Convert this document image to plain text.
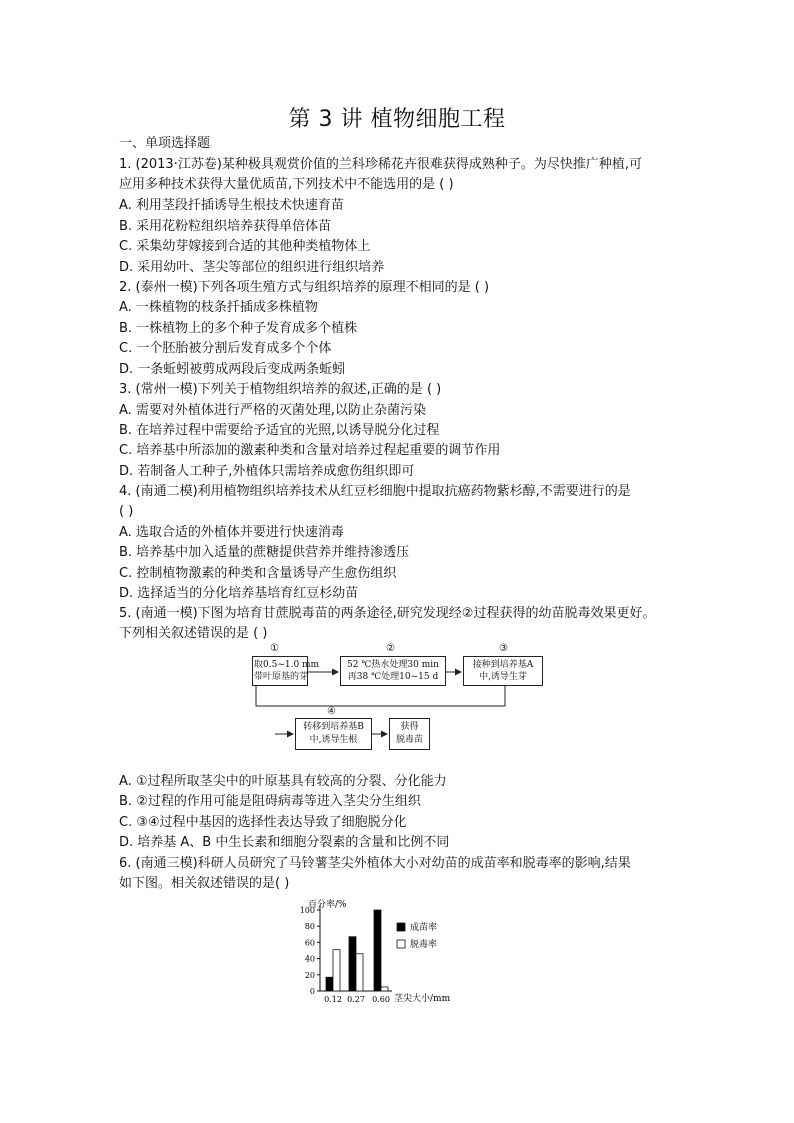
第 3 讲 植物细胞工程
一、单项选择题
1. (2013·江苏卷)某种极具观赏价值的兰科珍稀花卉很难获得成熟种子。为尽快推广种植,可
应用多种技术获得大量优质苗,下列技术中不能选用的是 ( )
A. 利用茎段扦插诱导生根技术快速育苗
B. 采用花粉粒组织培养获得单倍体苗
C. 采集幼芽嫁接到合适的其他种类植物体上
D. 采用幼叶、茎尖等部位的组织进行组织培养
2. (泰州一模)下列各项生殖方式与组织培养的原理不相同的是 ( )
A. 一株植物的枝条扦插成多株植物
B. 一株植物上的多个种子发育成多个植株
C. 一个胚胎被分割后发育成多个个体
D. 一条蚯蚓被剪成两段后变成两条蚯蚓
3. (常州一模)下列关于植物组织培养的叙述,正确的是 ( )
A. 需要对外植体进行严格的灭菌处理,以防止杂菌污染
B. 在培养过程中需要给予适宜的光照,以诱导脱分化过程
C. 培养基中所添加的激素种类和含量对培养过程起重要的调节作用
D. 若制备人工种子,外植体只需培养成愈伤组织即可
4. (南通二模)利用植物组织培养技术从红豆杉细胞中提取抗癌药物紫杉醇,不需要进行的是
( )
A. 选取合适的外植体并要进行快速消毒
B. 培养基中加入适量的蔗糖提供营养并维持渗透压
C. 控制植物激素的种类和含量诱导产生愈伤组织
D. 选择适当的分化培养基培育红豆杉幼苗
5. (南通一模)下图为培育甘蔗脱毒苗的两条途径,研究发现经②过程获得的幼苗脱毒效果更好。
下列相关叙述错误的是 ( )
①	②	③
④
取0.5~1.0 mm
带叶原基的芽
52 ℃热水处理30 min
再38 ℃处理10~15 d
接种到培养基A
中,诱导生芽
转移到培养基B
中,诱导生根
获得
脱毒苗
A. ①过程所取茎尖中的叶原基具有较高的分裂、分化能力
B. ②过程的作用可能是阻碍病毒等进入茎尖分生组织
C. ③④过程中基因的选择性表达导致了细胞脱分化
D. 培养基 A、B 中生长素和细胞分裂素的含量和比例不同
6. (南通三模)科研人员研究了马铃薯茎尖外植体大小对幼苗的成苗率和脱毒率的影响,结果
如下图。相关叙述错误的是( )
百分率/%
茎尖大小/mm
0
20
40
60
80
100
0.12 0.27 0.60
成苗率
脱毒率
